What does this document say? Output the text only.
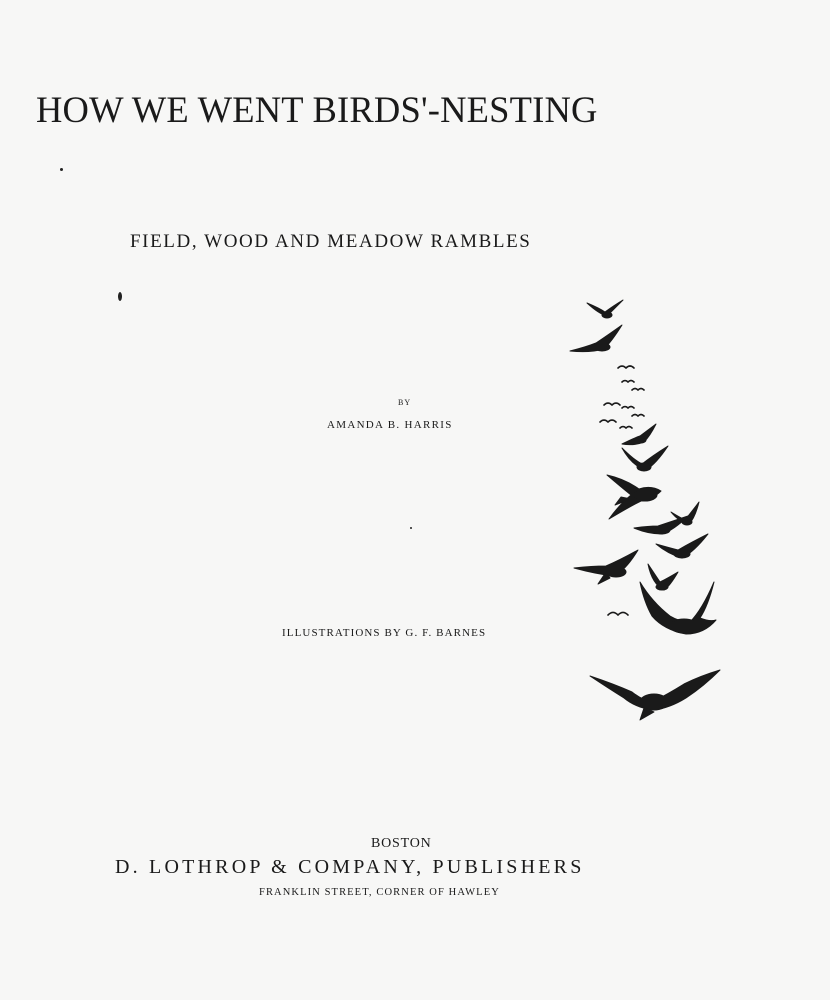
HOW WE WENT BIRDS'-NESTING
FIELD, WOOD AND MEADOW RAMBLES
BY
AMANDA B. HARRIS
ILLUSTRATIONS BY G. F. BARNES
BOSTON
D. LOTHROP & COMPANY, PUBLISHERS
FRANKLIN STREET, CORNER OF HAWLEY
